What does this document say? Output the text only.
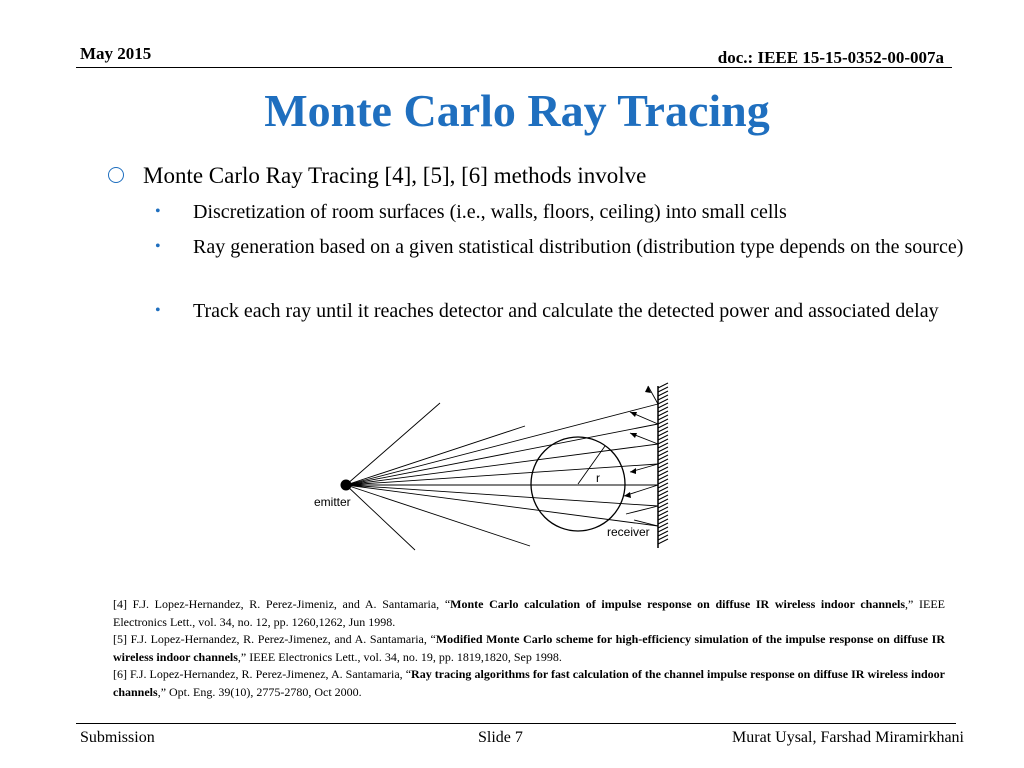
May 2015	doc.: IEEE 15-15-0352-00-007a
Monte Carlo Ray Tracing
Monte Carlo Ray Tracing [4], [5], [6] methods involve
• Discretization of room surfaces (i.e., walls, floors, ceiling) into small cells
• Ray generation based on a given statistical distribution (distribution type depends on the source)
• Track each ray until it reaches detector and calculate the detected power and associated delay
r
emitter
receiver

[4] F.J. Lopez-Hernandez, R. Perez-Jimeniz, and A. Santamaria, “Monte Carlo calculation of impulse response on diffuse IR wireless indoor channels,” IEEE Electronics Lett., vol. 34, no. 12, pp. 1260,1262, Jun 1998.

[5] F.J. Lopez-Hernandez, R. Perez-Jimenez, and A. Santamaria, “Modified Monte Carlo scheme for high-efficiency simulation of the impulse response on diffuse IR wireless indoor channels,” IEEE Electronics Lett., vol. 34, no. 19, pp. 1819,1820, Sep 1998.

[6] F.J. Lopez-Hernandez, R. Perez-Jimenez, A. Santamaria, “Ray tracing algorithms for fast calculation of the channel impulse response on diffuse IR wireless indoor channels,” Opt. Eng. 39(10), 2775-2780, Oct 2000.

Submission	Slide 7	Murat Uysal, Farshad Miramirkhani
